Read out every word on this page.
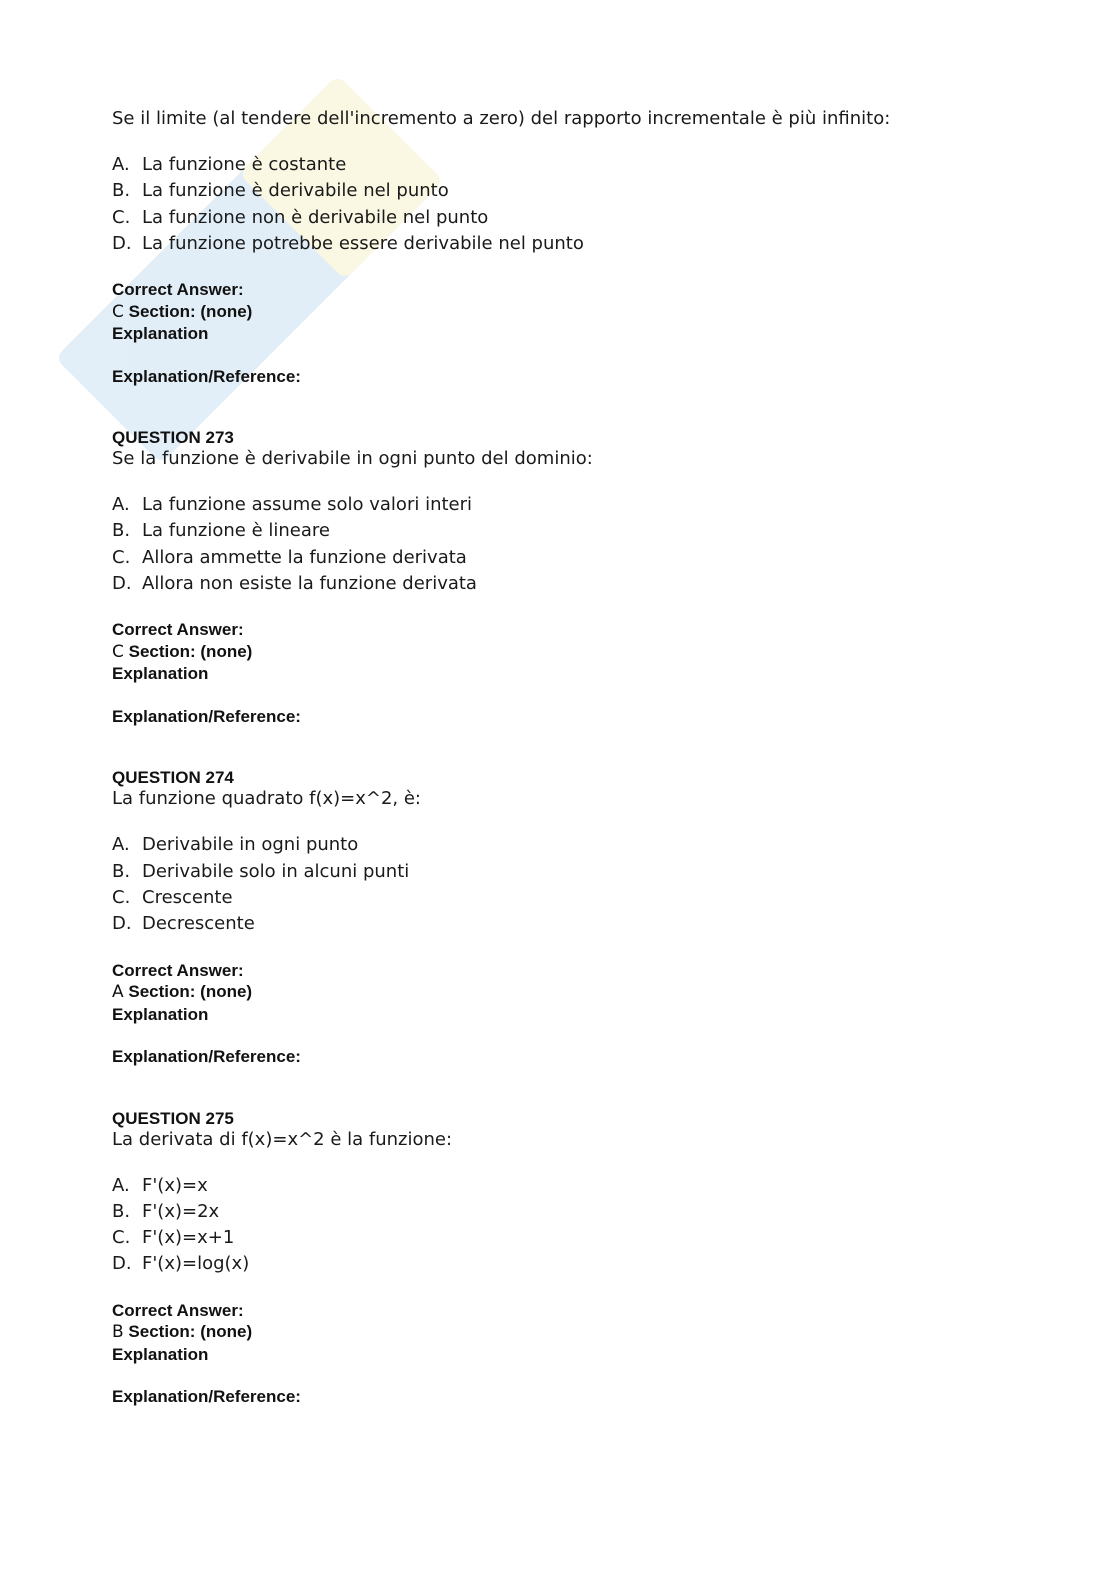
Se il limite (al tendere dell'incremento a zero) del rapporto incrementale è più infinito:

A. La funzione è costante
B. La funzione è derivabile nel punto
C. La funzione non è derivabile nel punto
D. La funzione potrebbe essere derivabile nel punto
Correct Answer:
C Section: (none)
Explanation
Explanation/Reference:

QUESTION 273

Se la funzione è derivabile in ogni punto del dominio:

A. La funzione assume solo valori interi
B. La funzione è lineare
C. Allora ammette la funzione derivata
D. Allora non esiste la funzione derivata
Correct Answer:
C Section: (none)
Explanation
Explanation/Reference:

QUESTION 274

La funzione quadrato f(x)=x^2, è:

A. Derivabile in ogni punto
B. Derivabile solo in alcuni punti
C. Crescente
D. Decrescente
Correct Answer:
A Section: (none)
Explanation
Explanation/Reference:

QUESTION 275

La derivata di f(x)=x^2 è la funzione:

A. F'(x)=x
B. F'(x)=2x
C. F'(x)=x+1
D. F'(x)=log(x)
Correct Answer:
B Section: (none)
Explanation
Explanation/Reference:
